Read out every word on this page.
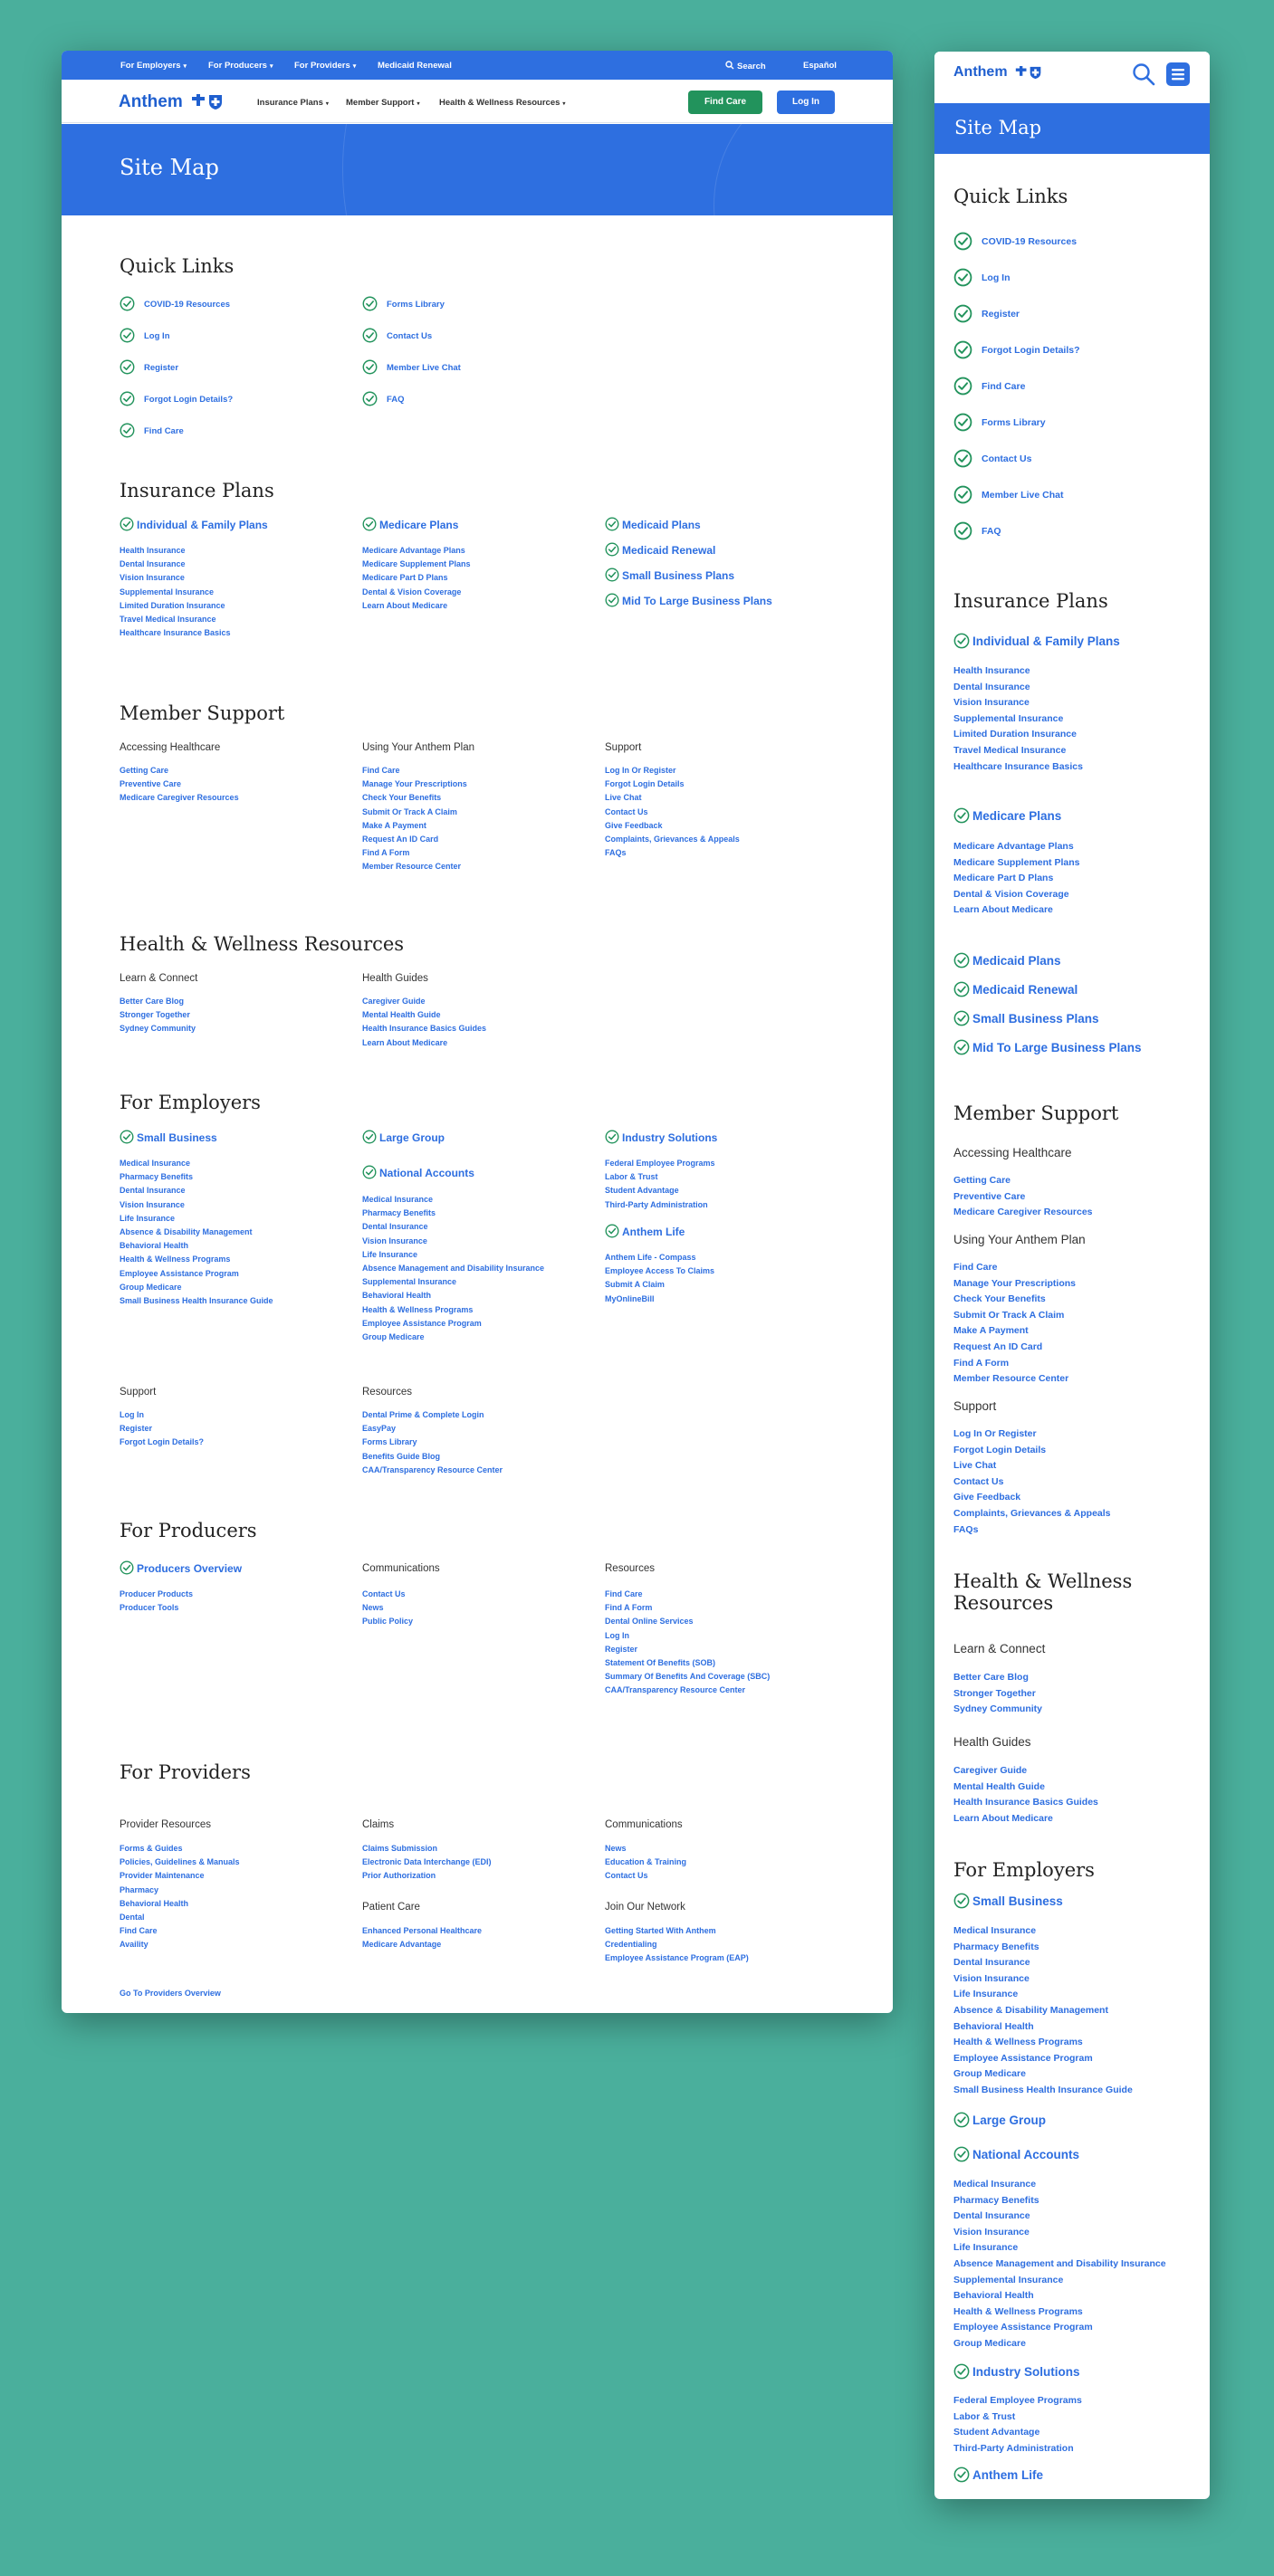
For Employers ▾	For Producers ▾ For Providers ▾ Medicaid Renewal	Search	Español
Anthem	Insurance Plans ▾ Member Support ▾ Health & Wellness Resources ▾	Find Care	Log In
Site Map
Quick Links
COVID-19 Resources
Log In
Register
Forgot Login Details?
Find Care
Forms Library
Contact Us
Member Live Chat
FAQ
Insurance Plans
Individual & Family Plans
Health Insurance
Dental Insurance
Vision Insurance
Supplemental Insurance
Limited Duration Insurance
Travel Medical Insurance
Healthcare Insurance Basics
Medicare Plans
Medicare Advantage Plans
Medicare Supplement Plans
Medicare Part D Plans
Dental & Vision Coverage
Learn About Medicare
Medicaid Plans
Medicaid Renewal
Small Business Plans
Mid To Large Business Plans
Member Support
Accessing Healthcare
Getting Care
Preventive Care
Medicare Caregiver Resources
Using Your Anthem Plan
Find Care
Manage Your Prescriptions
Check Your Benefits
Submit Or Track A Claim
Make A Payment
Request An ID Card
Find A Form
Member Resource Center
Support
Log In Or Register
Forgot Login Details
Live Chat
Contact Us
Give Feedback
Complaints, Grievances & Appeals
FAQs
Health & Wellness Resources
Learn & Connect
Better Care Blog
Stronger Together
Sydney Community
Health Guides
Caregiver Guide
Mental Health Guide
Health Insurance Basics Guides
Learn About Medicare
For Employers
Small Business
Medical Insurance
Pharmacy Benefits
Dental Insurance
Vision Insurance
Life Insurance
Absence & Disability Management
Behavioral Health
Health & Wellness Programs
Employee Assistance Program
Group Medicare
Small Business Health Insurance Guide
Large Group
National Accounts
Medical Insurance
Pharmacy Benefits
Dental Insurance
Vision Insurance
Life Insurance
Absence Management and Disability Insurance
Supplemental Insurance
Behavioral Health
Health & Wellness Programs
Employee Assistance Program
Group Medicare
Industry Solutions
Federal Employee Programs
Labor & Trust
Student Advantage
Third-Party Administration
Anthem Life
Anthem Life - Compass
Employee Access To Claims
Submit A Claim
MyOnlineBill
Support
Log In
Register
Forgot Login Details?
Resources
Dental Prime & Complete Login
EasyPay
Forms Library
Benefits Guide Blog
CAA/Transparency Resource Center
For Producers
Producers Overview
Producer Products
Producer Tools
Communications
Contact Us
News
Public Policy
Resources
Find Care
Find A Form
Dental Online Services
Log In
Register
Statement Of Benefits (SOB)
Summary Of Benefits And Coverage (SBC)
CAA/Transparency Resource Center
For Providers
Provider Resources
Forms & Guides
Policies, Guidelines & Manuals
Provider Maintenance
Pharmacy
Behavioral Health
Dental
Find Care
Availity
Claims
Claims Submission
Electronic Data Interchange (EDI)
Prior Authorization
Patient Care
Enhanced Personal Healthcare
Medicare Advantage
Communications
News
Education & Training
Contact Us
Join Our Network
Getting Started With Anthem
Credentialing
Employee Assistance Program (EAP)
Go To Providers Overview
Anthem
Site Map
Quick Links
COVID-19 Resources
Log In
Register
Forgot Login Details?
Find Care
Forms Library
Contact Us
Member Live Chat
FAQ
Insurance Plans
Individual & Family Plans
Health Insurance
Dental Insurance
Vision Insurance
Supplemental Insurance
Limited Duration Insurance
Travel Medical Insurance
Healthcare Insurance Basics
Medicare Plans
Medicare Advantage Plans
Medicare Supplement Plans
Medicare Part D Plans
Dental & Vision Coverage
Learn About Medicare
Medicaid Plans
Medicaid Renewal
Small Business Plans
Mid To Large Business Plans
Member Support
Accessing Healthcare
Getting Care
Preventive Care
Medicare Caregiver Resources
Using Your Anthem Plan
Find Care
Manage Your Prescriptions
Check Your Benefits
Submit Or Track A Claim
Make A Payment
Request An ID Card
Find A Form
Member Resource Center
Support
Log In Or Register
Forgot Login Details
Live Chat
Contact Us
Give Feedback
Complaints, Grievances & Appeals
FAQs
Health & Wellness
Resources
Learn & Connect
Better Care Blog
Stronger Together
Sydney Community
Health Guides
Caregiver Guide
Mental Health Guide
Health Insurance Basics Guides
Learn About Medicare
For Employers
Small Business
Medical Insurance
Pharmacy Benefits
Dental Insurance
Vision Insurance
Life Insurance
Absence & Disability Management
Behavioral Health
Health & Wellness Programs
Employee Assistance Program
Group Medicare
Small Business Health Insurance Guide
Large Group
National Accounts
Medical Insurance
Pharmacy Benefits
Dental Insurance
Vision Insurance
Life Insurance
Absence Management and Disability Insurance
Supplemental Insurance
Behavioral Health
Health & Wellness Programs
Employee Assistance Program
Group Medicare
Industry Solutions
Federal Employee Programs
Labor & Trust
Student Advantage
Third-Party Administration
Anthem Life
